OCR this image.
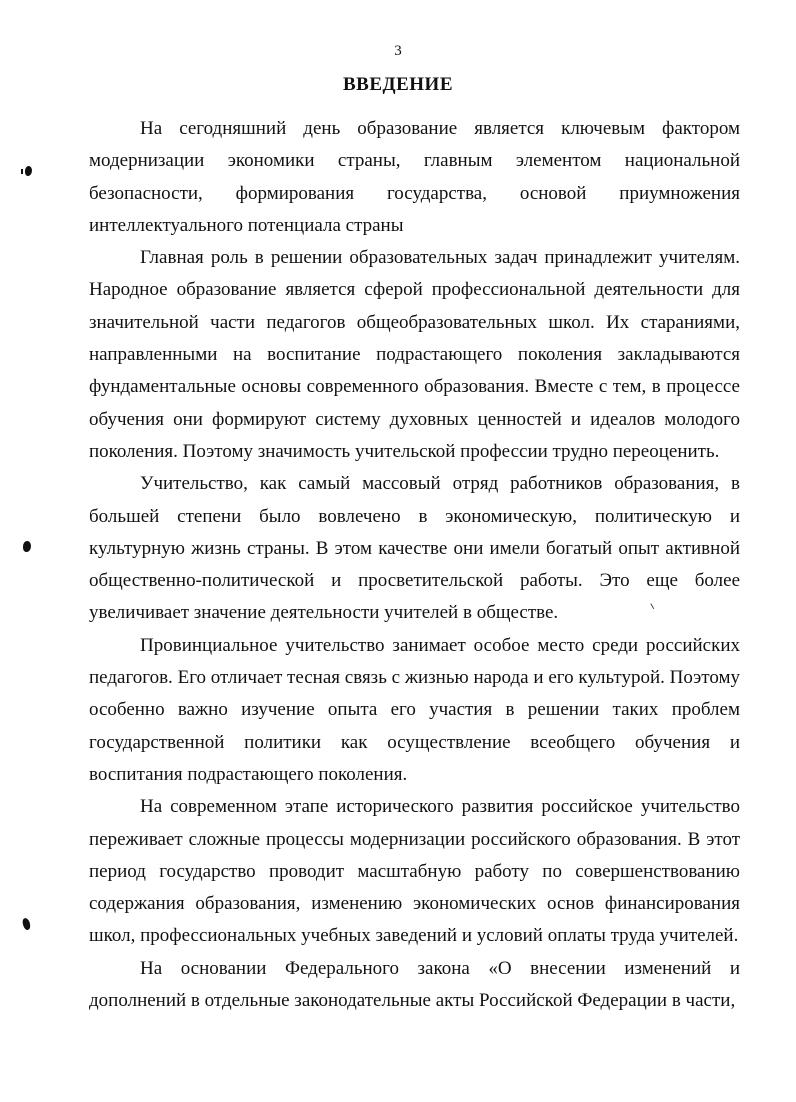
3
ВВЕДЕНИЕ

На сегодняшний день образование является ключевым фактором модернизации экономики страны, главным элементом национальной безопасности, формирования государства, основой приумножения интеллектуального потенциала страны

Главная роль в решении образовательных задач принадлежит учителям. Народное образование является сферой профессиональной деятельности для значительной части педагогов общеобразовательных школ. Их стараниями, направленными на воспитание подрастающего поколения закладываются фундаментальные основы современного образования. Вместе с тем, в процессе обучения они формируют систему духовных ценностей и идеалов молодого поколения. Поэтому значимость учительской профессии трудно переоценить.

Учительство, как самый массовый отряд работников образования, в большей степени было вовлечено в экономическую, политическую и культурную жизнь страны. В этом качестве они имели богатый опыт активной общественно-политической и просветительской работы. Это еще более увеличивает значение деятельности учителей в обществе.

Провинциальное учительство занимает особое место среди российских педагогов. Его отличает тесная связь с жизнью народа и его культурой. Поэтому особенно важно изучение опыта его участия в решении таких проблем государственной политики как осуществление всеобщего обучения и воспитания подрастающего поколения.

На современном этапе исторического развития российское учительство переживает сложные процессы модернизации российского образования. В этот период государство проводит масштабную работу по совершенствованию содержания образования, изменению экономических основ финансирования школ, профессиональных учебных заведений и условий оплаты труда учителей.

На основании Федерального закона «О внесении изменений и дополнений в отдельные законодательные акты Российской Федерации в части,
